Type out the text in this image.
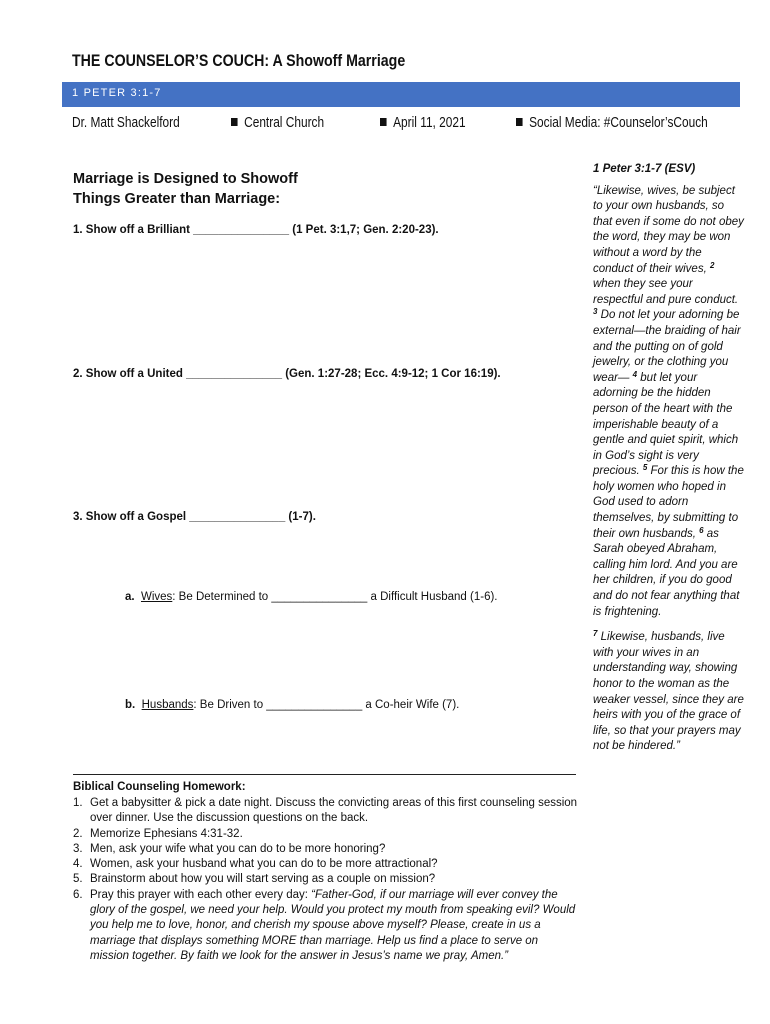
THE COUNSELOR’S COUCH: A Showoff Marriage
1 PETER 3:1-7
Dr. Matt Shackelford	Central Church	April 11, 2021	Social Media: #Counselor’sCouch
Marriage is Designed to Showoff
Things Greater than Marriage:
1. Show off a Brilliant _______________ (1 Pet. 3:1,7; Gen. 2:20-23).
2. Show off a United _______________ (Gen. 1:27-28; Ecc. 4:9-12; 1 Cor 16:19).
3. Show off a Gospel _______________ (1-7).
a. Wives: Be Determined to _______________ a Difficult Husband (1-6).
b. Husbands: Be Driven to _______________ a Co-heir Wife (7).
Biblical Counseling Homework:
1. Get a babysitter & pick a date night. Discuss the convicting areas of this first counseling session over dinner. Use the discussion questions on the back.
2. Memorize Ephesians 4:31-32.
3. Men, ask your wife what you can do to be more honoring?
4. Women, ask your husband what you can do to be more attractional?
5. Brainstorm about how you will start serving as a couple on mission?
6. Pray this prayer with each other every day: “Father-God, if our marriage will ever convey the glory of the gospel, we need your help. Would you protect my mouth from speaking evil? Would you help me to love, honor, and cherish my spouse above myself? Please, create in us a marriage that displays something MORE than marriage. Help us find a place to serve on mission together. By faith we look for the answer in Jesus’s name we pray, Amen.”
1 Peter 3:1-7 (ESV)

“Likewise, wives, be subject to your own husbands, so that even if some do not obey the word, they may be won without a word by the conduct of their wives, $^2$ when they see your respectful and pure conduct. $^3$ Do not let your adorning be external—the braiding of hair and the putting on of gold jewelry, or the clothing you wear— $^4$ but let your adorning be the hidden person of the heart with the imperishable beauty of a gentle and quiet spirit, which in God’s sight is very precious. $^5$ For this is how the holy women who hoped in God used to adorn themselves, by submitting to their own husbands, $^6$ as Sarah obeyed Abraham, calling him lord. And you are her children, if you do good and do not fear anything that is frightening.

$^7$ Likewise, husbands, live with your wives in an understanding way, showing honor to the woman as the weaker vessel, since they are heirs with you of the grace of life, so that your prayers may not be hindered.”
